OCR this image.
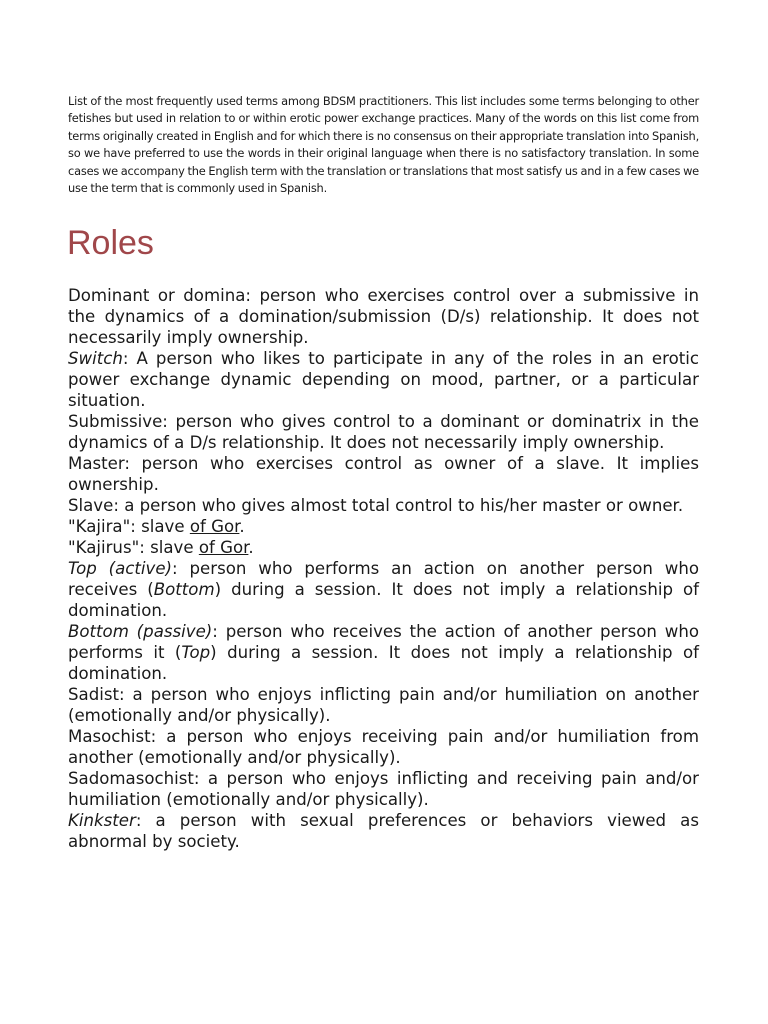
List of the most frequently used terms among BDSM practitioners. This list includes some terms belonging to other fetishes but used in relation to or within erotic power exchange practices. Many of the words on this list come from terms originally created in English and for which there is no consensus on their appropriate translation into Spanish, so we have preferred to use the words in their original language when there is no satisfactory translation. In some cases we accompany the English term with the translation or translations that most satisfy us and in a few cases we use the term that is commonly used in Spanish.

Roles

Dominant or domina: person who exercises control over a submissive in the dynamics of a domination/submission (D/s) relationship. It does not necessarily imply ownership.

Switch: A person who likes to participate in any of the roles in an erotic power exchange dynamic depending on mood, partner, or a particular situation.

Submissive: person who gives control to a dominant or dominatrix in the dynamics of a D/s relationship. It does not necessarily imply ownership.

Master: person who exercises control as owner of a slave. It implies ownership.

Slave: a person who gives almost total control to his/her master or owner.

"Kajira": slave of Gor.

"Kajirus": slave of Gor.

Top (active): person who performs an action on another person who receives (Bottom) during a session. It does not imply a relationship of domination.

Bottom (passive): person who receives the action of another person who performs it (Top) during a session. It does not imply a relationship of domination.

Sadist: a person who enjoys inflicting pain and/or humiliation on another (emotionally and/or physically).

Masochist: a person who enjoys receiving pain and/or humiliation from another (emotionally and/or physically).

Sadomasochist: a person who enjoys inflicting and receiving pain and/or humiliation (emotionally and/or physically).

Kinkster: a person with sexual preferences or behaviors viewed as abnormal by society.
